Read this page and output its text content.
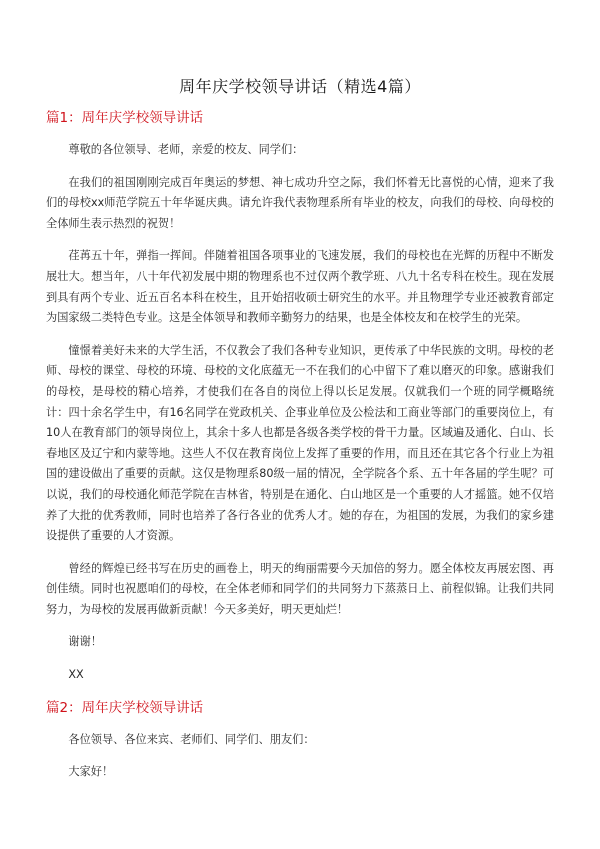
周年庆学校领导讲话（精选4篇）
篇1：周年庆学校领导讲话

尊敬的各位领导、老师，亲爱的校友、同学们：

在我们的祖国刚刚完成百年奥运的梦想、神七成功升空之际，我们怀着无比喜悦的心情，迎来了我们的母校xx师范学院五十年华诞庆典。请允许我代表物理系所有毕业的校友，向我们的母校、向母校的全体师生表示热烈的祝贺！

荏苒五十年，弹指一挥间。伴随着祖国各项事业的飞速发展，我们的母校也在光辉的历程中不断发展壮大。想当年，八十年代初发展中期的物理系也不过仅两个教学班、八九十名专科在校生。现在发展到具有两个专业、近五百名本科在校生，且开始招收硕士研究生的水平。并且物理学专业还被教育部定为国家级二类特色专业。这是全体领导和教师辛勤努力的结果，也是全体校友和在校学生的光荣。

憧憬着美好未来的大学生活，不仅教会了我们各种专业知识，更传承了中华民族的文明。母校的老师、母校的课堂、母校的环境、母校的文化底蕴无一不在我们的心中留下了难以磨灭的印象。感谢我们的母校，是母校的精心培养，才使我们在各自的岗位上得以长足发展。仅就我们一个班的同学概略统计：四十余名学生中，有16名同学在党政机关、企事业单位及公检法和工商业等部门的重要岗位上，有10人在教育部门的领导岗位上，其余十多人也都是各级各类学校的骨干力量。区域遍及通化、白山、长春地区及辽宁和内蒙等地。这些人不仅在教育岗位上发挥了重要的作用，而且还在其它各个行业上为祖国的建设做出了重要的贡献。这仅是物理系80级一届的情况，全学院各个系、五十年各届的学生呢？可以说，我们的母校通化师范学院在吉林省，特别是在通化、白山地区是一个重要的人才摇篮。她不仅培养了大批的优秀教师，同时也培养了各行各业的优秀人才。她的存在，为祖国的发展，为我们的家乡建设提供了重要的人才资源。

曾经的辉煌已经书写在历史的画卷上，明天的绚丽需要今天加倍的努力。愿全体校友再展宏图、再创佳绩。同时也祝愿咱们的母校，在全体老师和同学们的共同努力下蒸蒸日上、前程似锦。让我们共同努力，为母校的发展再做新贡献！今天多美好，明天更灿烂！

谢谢！

XX

篇2：周年庆学校领导讲话

各位领导、各位来宾、老师们、同学们、朋友们：

大家好！
